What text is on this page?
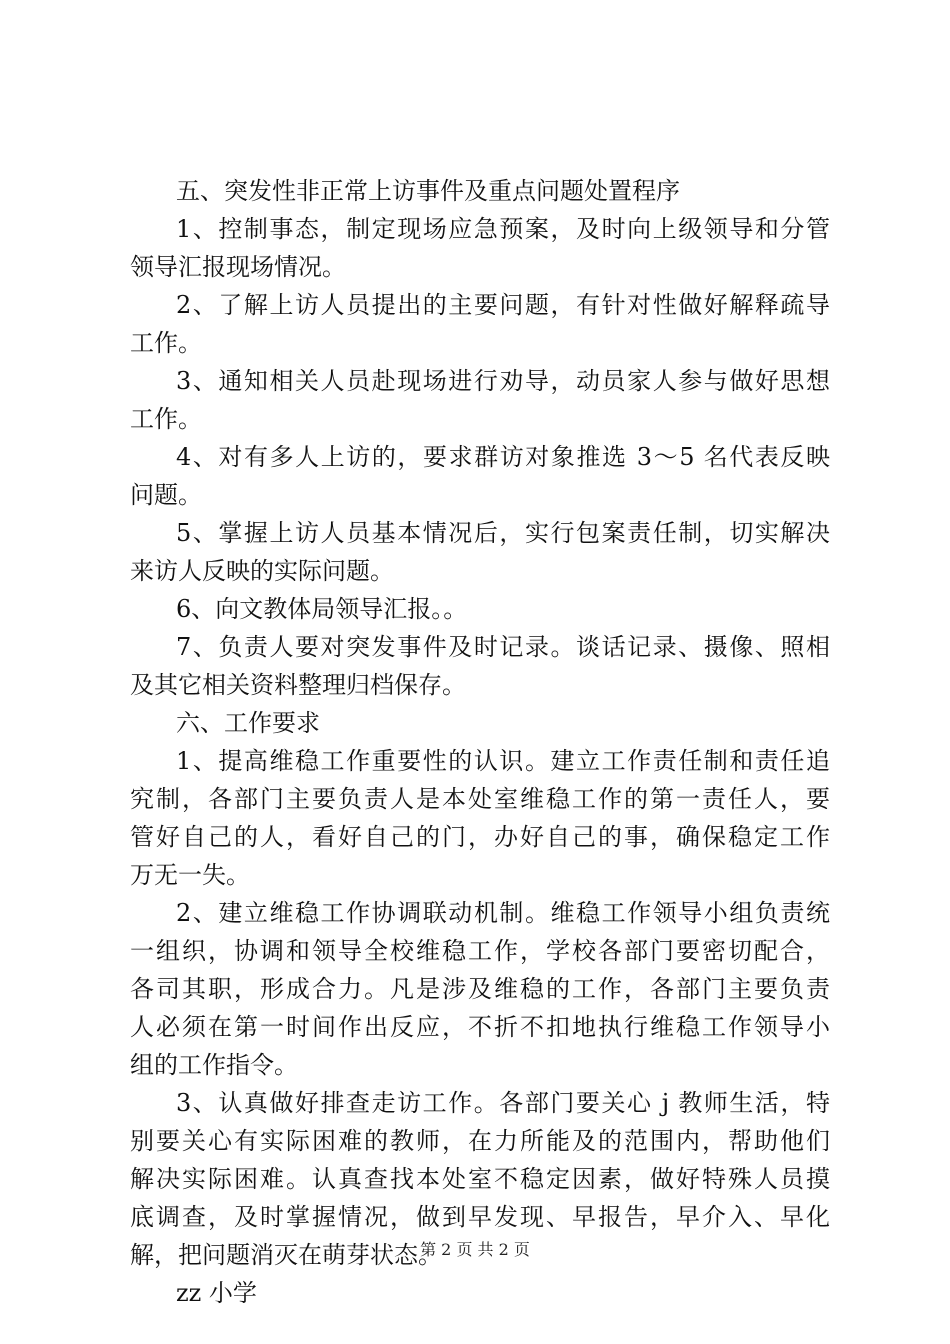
五、突发性非正常上访事件及重点问题处置程序
1、控制事态，制定现场应急预案，及时向上级领导和分管
领导汇报现场情况。
2、了解上访人员提出的主要问题，有针对性做好解释疏导
工作。
3、通知相关人员赴现场进行劝导，动员家人参与做好思想
工作。
4、对有多人上访的，要求群访对象推选 3～5 名代表反映
问题。
5、掌握上访人员基本情况后，实行包案责任制，切实解决
来访人反映的实际问题。
6、向文教体局领导汇报。。
7、负责人要对突发事件及时记录。谈话记录、摄像、照相
及其它相关资料整理归档保存。
六、工作要求
1、提高维稳工作重要性的认识。建立工作责任制和责任追
究制，各部门主要负责人是本处室维稳工作的第一责任人，要
管好自己的人，看好自己的门，办好自己的事，确保稳定工作
万无一失。
2、建立维稳工作协调联动机制。维稳工作领导小组负责统
一组织，协调和领导全校维稳工作，学校各部门要密切配合，
各司其职，形成合力。凡是涉及维稳的工作，各部门主要负责
人必须在第一时间作出反应，不折不扣地执行维稳工作领导小
组的工作指令。
3、认真做好排查走访工作。各部门要关心 j 教师生活，特
别要关心有实际困难的教师，在力所能及的范围内，帮助他们
解决实际困难。认真查找本处室不稳定因素，做好特殊人员摸
底调查，及时掌握情况，做到早发现、早报告，早介入、早化
解，把问题消灭在萌芽状态。
zz 小学
第 2 页 共 2 页
